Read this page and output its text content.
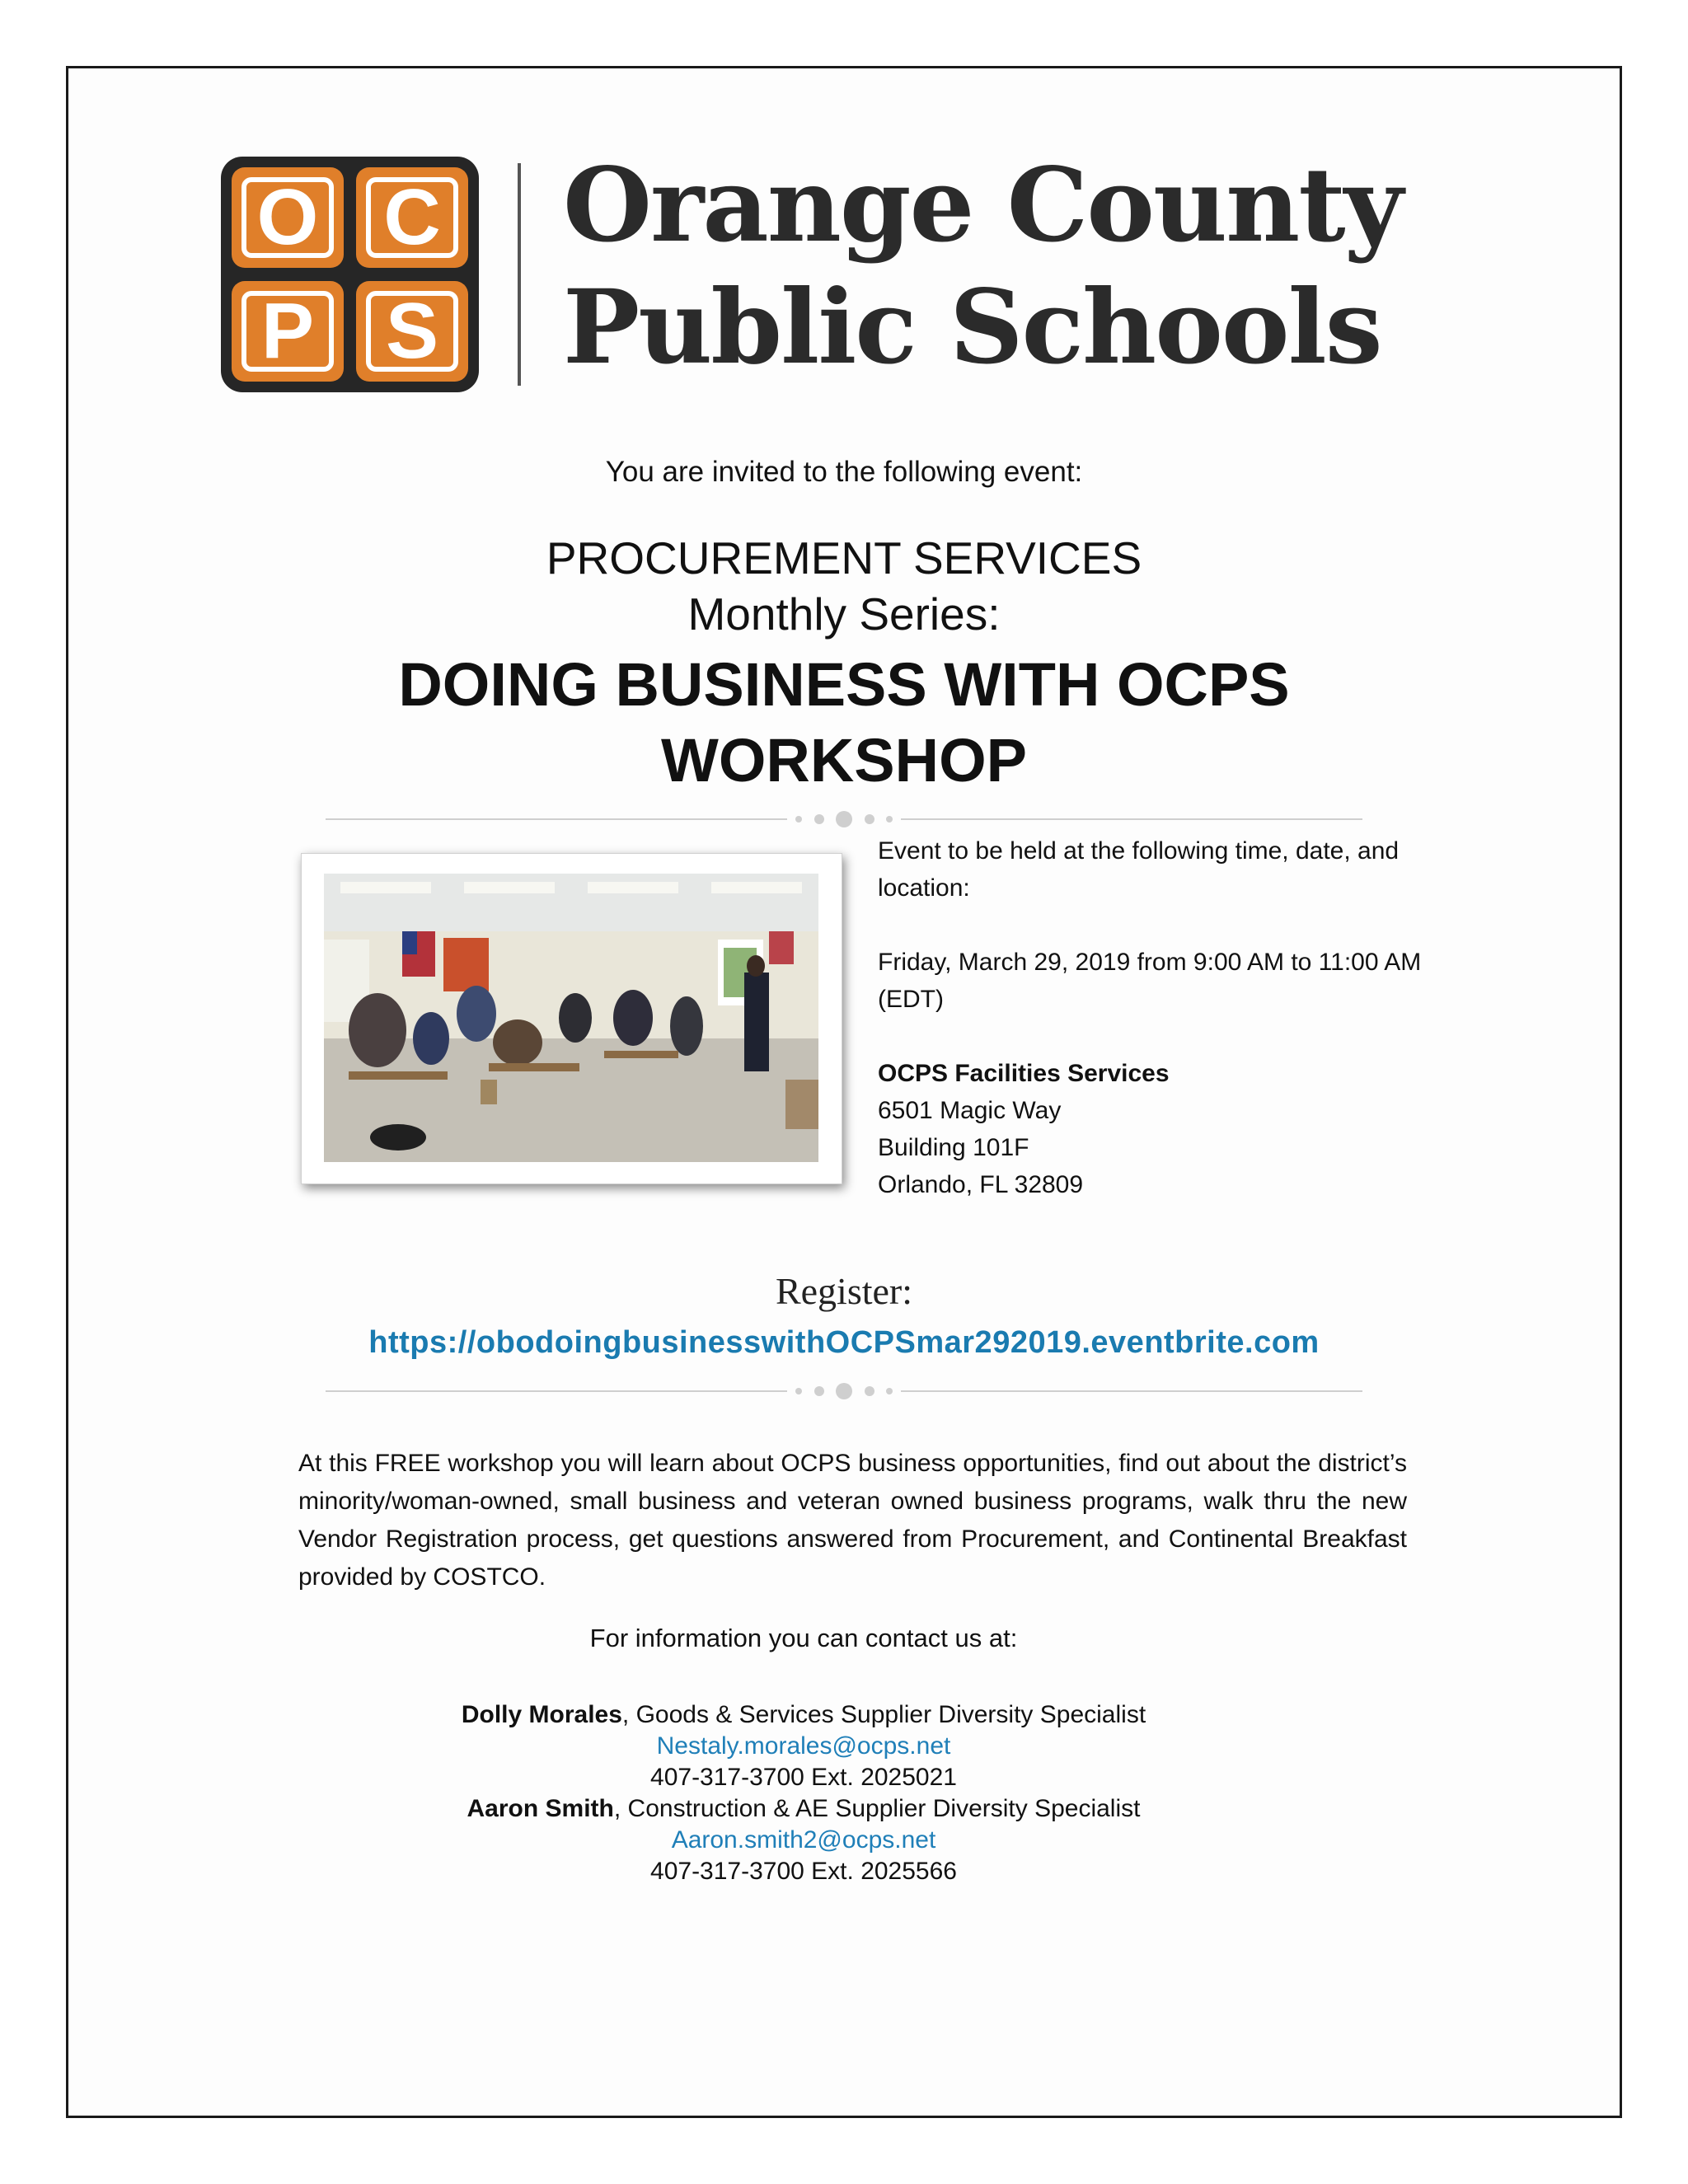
O C
P S
Orange County
Public Schools
You are invited to the following event:
PROCUREMENT SERVICES
Monthly Series:
DOING BUSINESS WITH OCPS
WORKSHOP

Event to be held at the following time, date, and location:

Friday, March 29, 2019 from 9:00 AM to 11:00 AM (EDT)

OCPS Facilities Services

6501 Magic Way

Building 101F

Orlando, FL 32809

Register:
https://obodoingbusinesswithOCPSmar292019.eventbrite.com
At this FREE workshop you will learn about OCPS business opportunities, find out about the district’s minority/woman-owned, small business and veteran owned business programs, walk thru the new Vendor Registration process, get questions answered from Procurement, and Continental Breakfast provided by COSTCO.
For information you can contact us at:
Dolly Morales, Goods & Services Supplier Diversity Specialist
Nestaly.morales@ocps.net
407-317-3700 Ext. 2025021
Aaron Smith, Construction & AE Supplier Diversity Specialist
Aaron.smith2@ocps.net
407-317-3700 Ext. 2025566
